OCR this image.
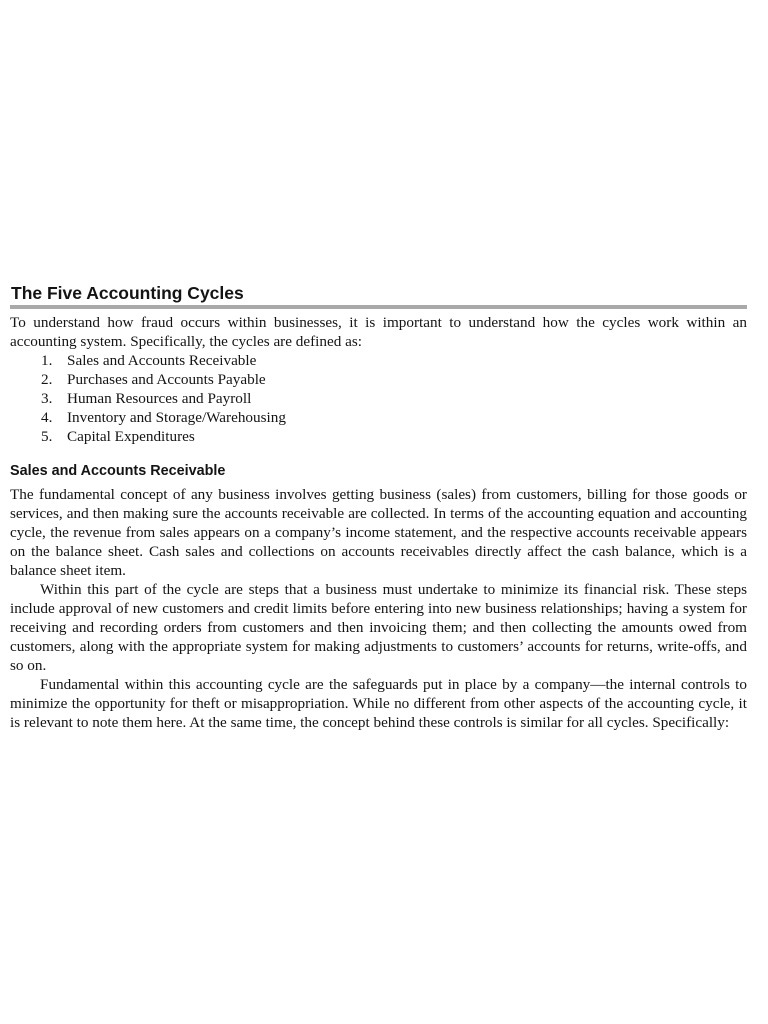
The Five Accounting Cycles

To understand how fraud occurs within businesses, it is important to understand how the cycles work within an accounting system. Specifically, the cycles are defined as:

1. Sales and Accounts Receivable
2. Purchases and Accounts Payable
3. Human Resources and Payroll
4. Inventory and Storage/Warehousing
5. Capital Expenditures
Sales and Accounts Receivable

The fundamental concept of any business involves getting business (sales) from customers, billing for those goods or services, and then making sure the accounts receivable are collected. In terms of the accounting equation and accounting cycle, the revenue from sales appears on a company’s income statement, and the respective accounts receivable appears on the balance sheet. Cash sales and collections on accounts receivables directly affect the cash balance, which is a balance sheet item.

Within this part of the cycle are steps that a business must undertake to minimize its financial risk. These steps include approval of new customers and credit limits before entering into new business relationships; having a system for receiving and recording orders from customers and then invoicing them; and then collecting the amounts owed from customers, along with the appropriate system for making adjustments to customers’ accounts for returns, write-offs, and so on.

Fundamental within this accounting cycle are the safeguards put in place by a company—the internal controls to minimize the opportunity for theft or misappropriation. While no different from other aspects of the accounting cycle, it is relevant to note them here. At the same time, the concept behind these controls is similar for all cycles. Specifically:
